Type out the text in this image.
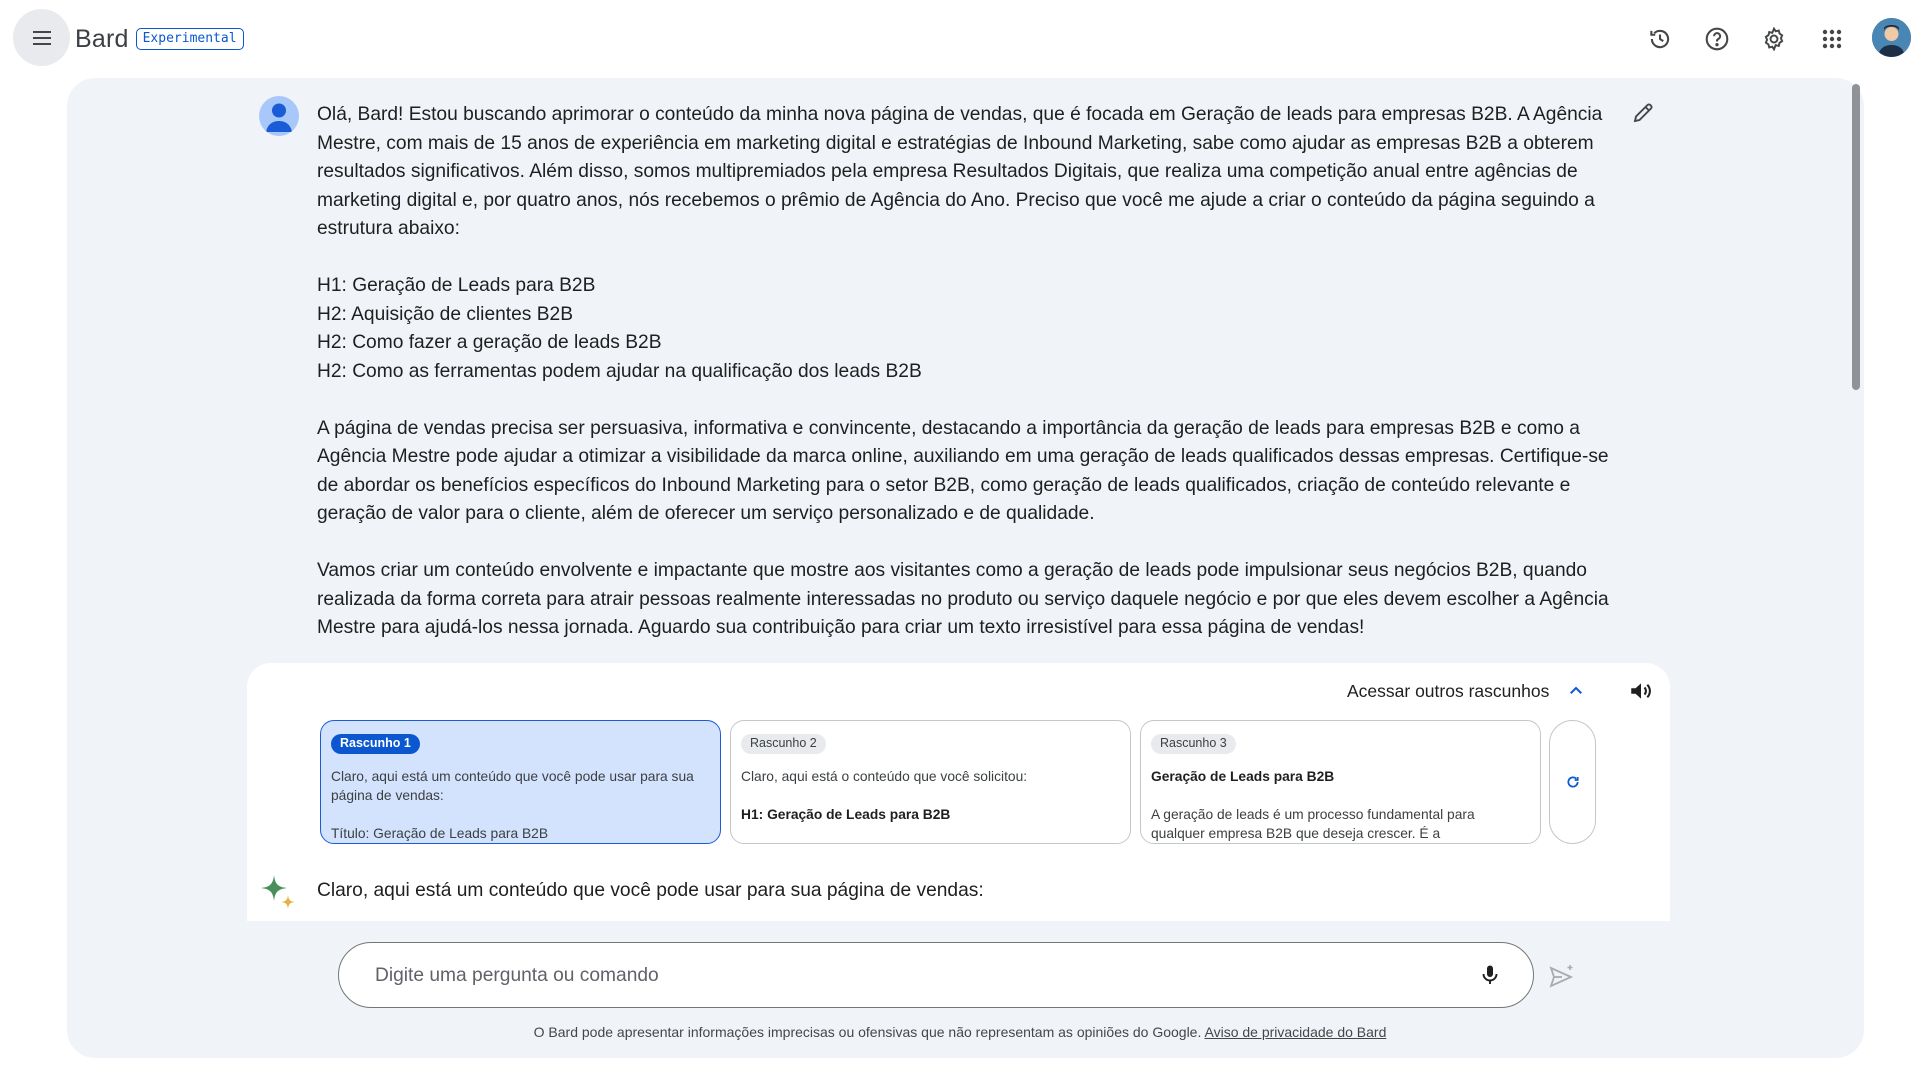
Bard	Experimental

Olá, Bard! Estou buscando aprimorar o conteúdo da minha nova página de vendas, que é focada em Geração de leads para empresas B2B. A Agência Mestre, com mais de 15 anos de experiência em marketing digital e estratégias de Inbound Marketing, sabe como ajudar as empresas B2B a obterem resultados significativos. Além disso, somos multipremiados pela empresa Resultados Digitais, que realiza uma competição anual entre agências de marketing digital e, por quatro anos, nós recebemos o prêmio de Agência do Ano. Preciso que você me ajude a criar o conteúdo da página seguindo a estrutura abaixo:

H1: Geração de Leads para B2B

H2: Aquisição de clientes B2B

H2: Como fazer a geração de leads B2B

H2: Como as ferramentas podem ajudar na qualificação dos leads B2B

A página de vendas precisa ser persuasiva, informativa e convincente, destacando a importância da geração de leads para empresas B2B e como a Agência Mestre pode ajudar a otimizar a visibilidade da marca online, auxiliando em uma geração de leads qualificados dessas empresas. Certifique-se de abordar os benefícios específicos do Inbound Marketing para o setor B2B, como geração de leads qualificados, criação de conteúdo relevante e geração de valor para o cliente, além de oferecer um serviço personalizado e de qualidade.

Vamos criar um conteúdo envolvente e impactante que mostre aos visitantes como a geração de leads pode impulsionar seus negócios B2B, quando realizada da forma correta para atrair pessoas realmente interessadas no produto ou serviço daquele negócio e por que eles devem escolher a Agência Mestre para ajudá-los nessa jornada. Aguardo sua contribuição para criar um texto irresistível para essa página de vendas!

Acessar outros rascunhos
Rascunho 1
Claro, aqui está um conteúdo que você pode usar para sua página de vendas:
Título: Geração de Leads para B2B
Rascunho 2
Claro, aqui está o conteúdo que você solicitou:
H1: Geração de Leads para B2B
Rascunho 3
Geração de Leads para B2B
A geração de leads é um processo fundamental para qualquer empresa B2B que deseja crescer. É a
Claro, aqui está um conteúdo que você pode usar para sua página de vendas:
Digite uma pergunta ou comando
O Bard pode apresentar informações imprecisas ou ofensivas que não representam as opiniões do Google. Aviso de privacidade do Bard
